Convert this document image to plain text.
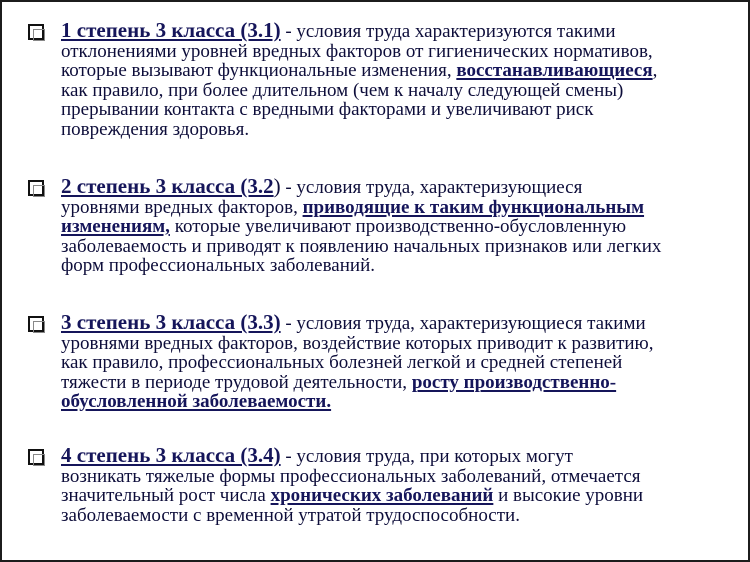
1 степень 3 класса (3.1) - условия труда характеризуются такими
отклонениями уровней вредных факторов от гигиенических нормативов,
которые вызывают функциональные изменения, восстанавливающиеся,
как правило, при более длительном (чем к началу следующей смены)
прерывании контакта с вредными факторами и увеличивают риск
повреждения здоровья.
2 степень 3 класса (3.2) - условия труда, характеризующиеся
уровнями вредных факторов, приводящие к таким функциональным
изменениям, которые увеличивают производственно-обусловленную
заболеваемость и приводят к появлению начальных признаков или легких
форм профессиональных заболеваний.
3 степень 3 класса (3.3) - условия труда, характеризующиеся такими
уровнями вредных факторов, воздействие которых приводит к развитию,
как правило, профессиональных болезней легкой и средней степеней
тяжести в периоде трудовой деятельности, росту производственно-
обусловленной заболеваемости.
4 степень 3 класса (3.4) - условия труда, при которых могут
возникать тяжелые формы профессиональных заболеваний, отмечается
значительный рост числа хронических заболеваний и высокие уровни
заболеваемости с временной утратой трудоспособности.
